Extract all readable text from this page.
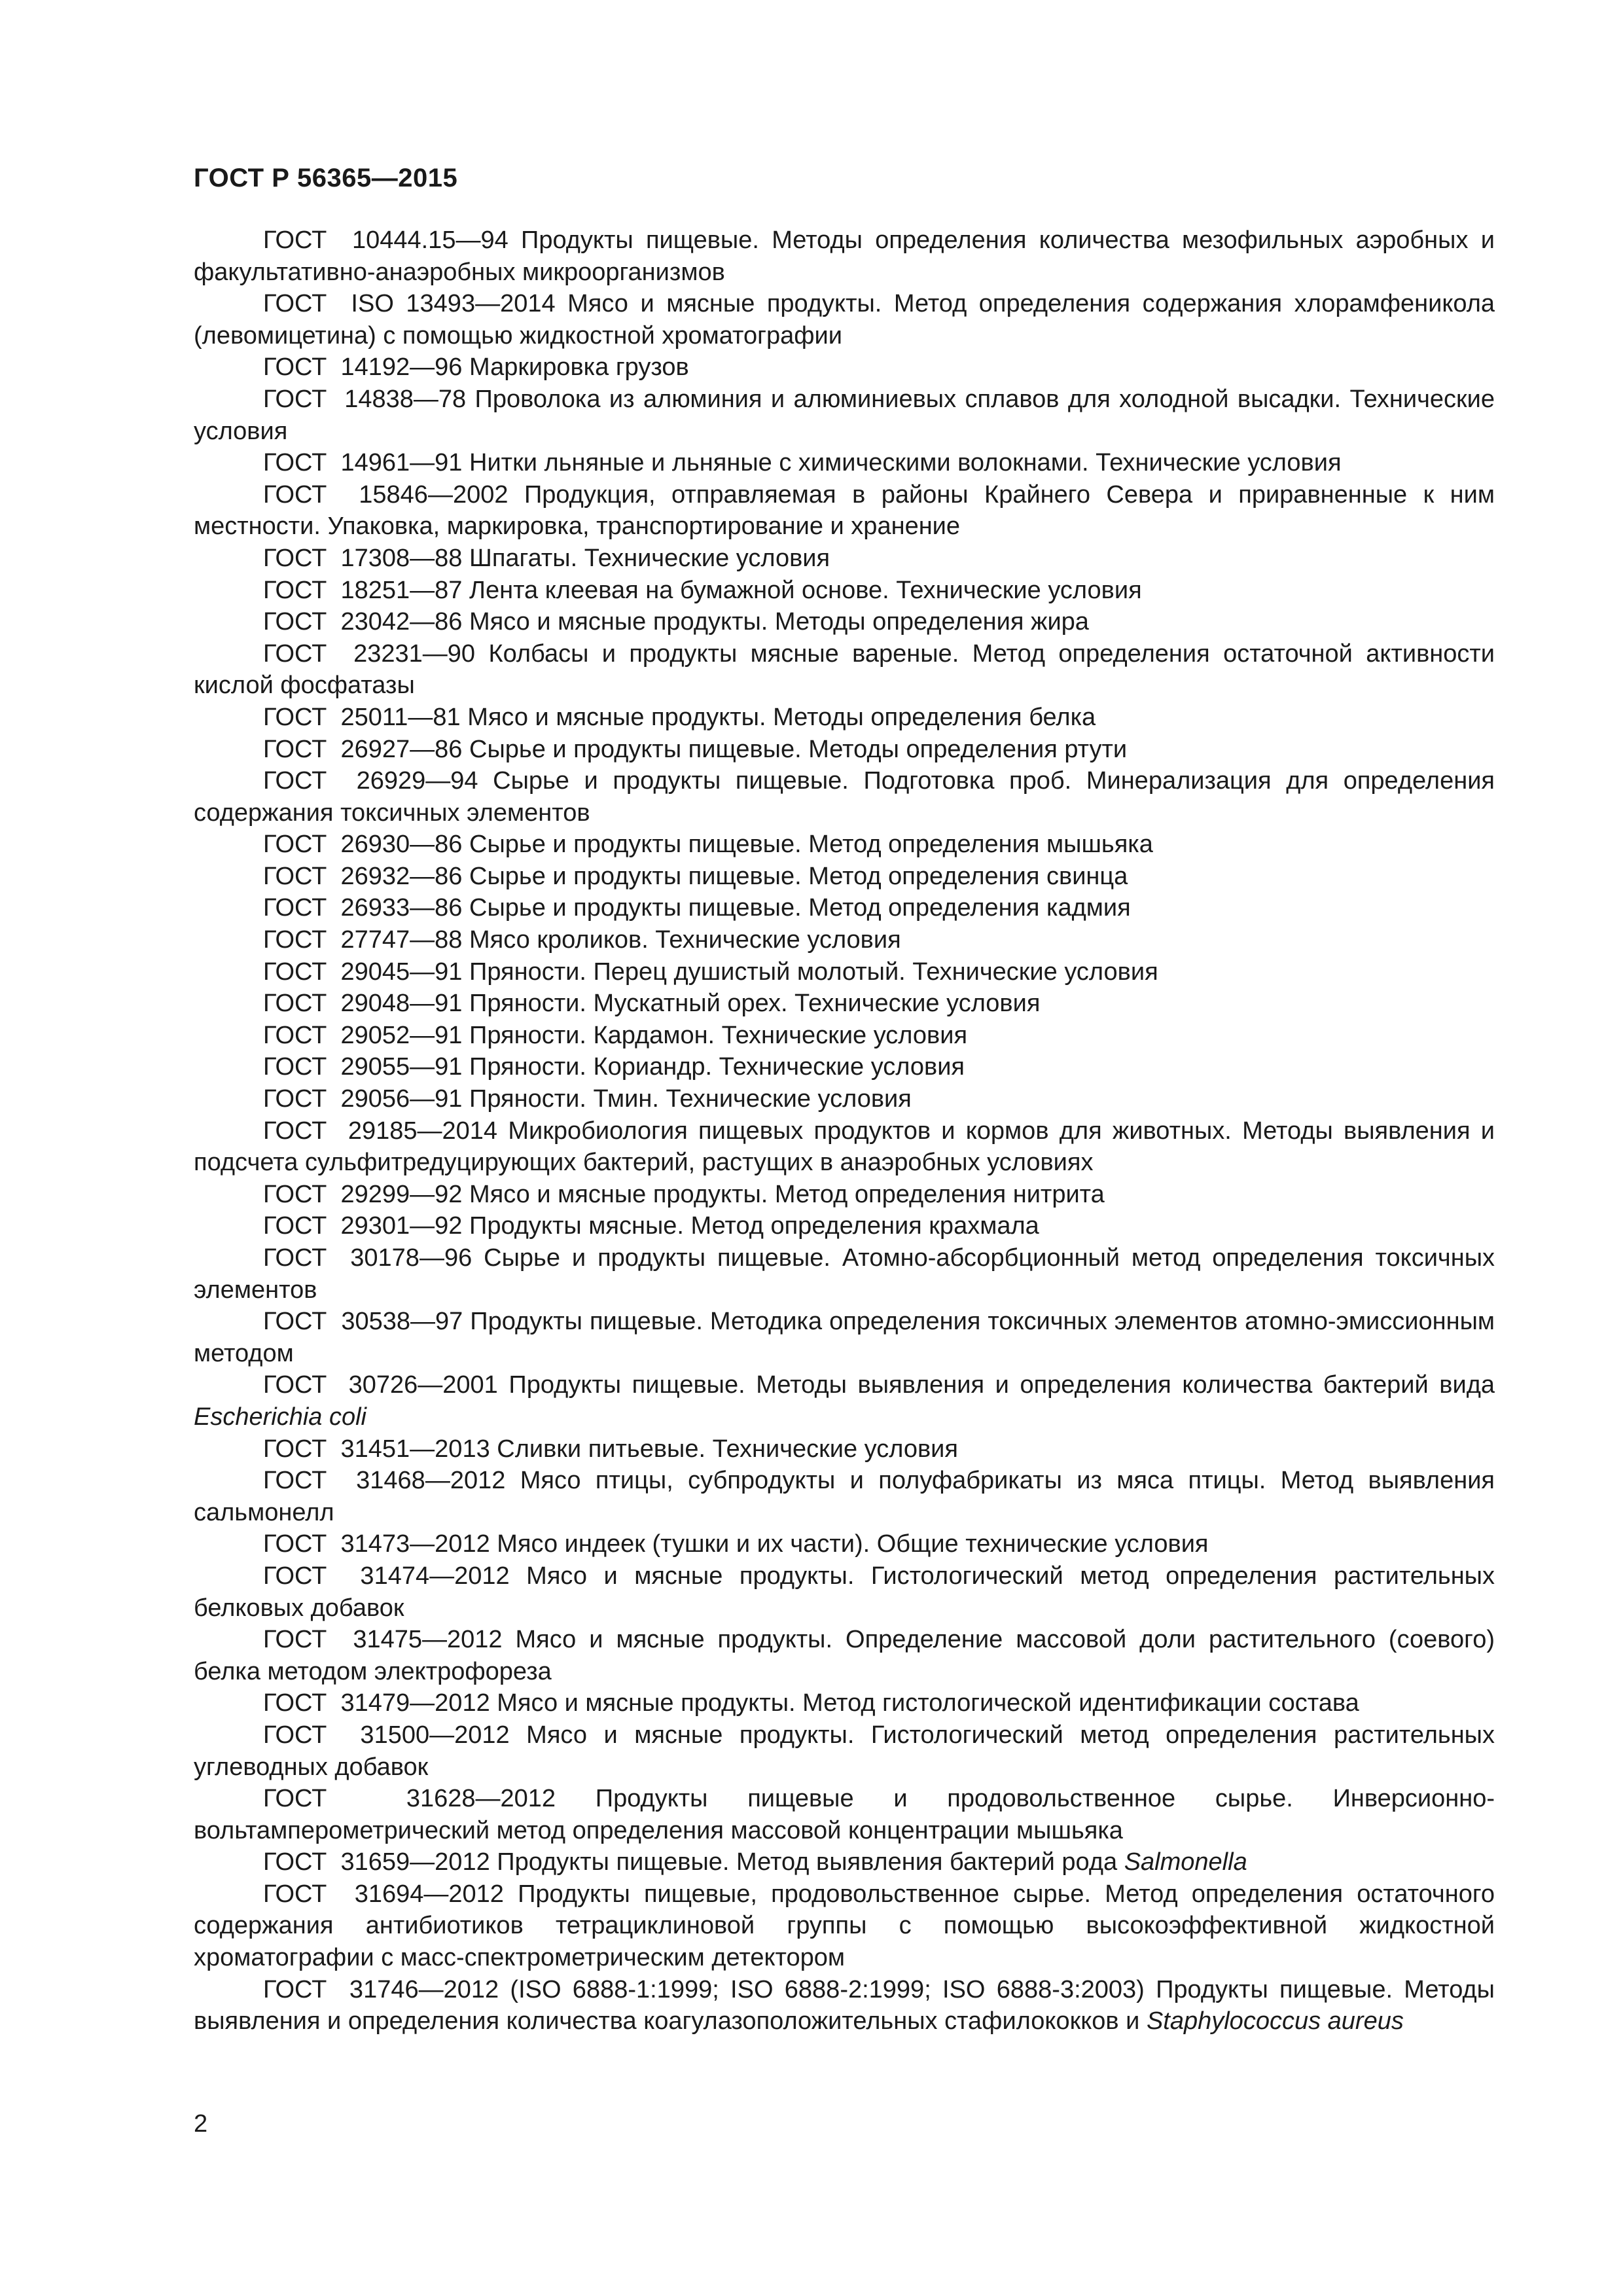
ГОСТ Р 56365—2015

ГОСТ  10444.15—94 Продукты пищевые. Методы определения количества мезофильных аэробных и факультативно-анаэробных микроорганизмов

ГОСТ  ISO 13493—2014 Мясо и мясные продукты. Метод определения содержания хлорамфеникола (левомицетина) с помощью жидкостной хроматографии

ГОСТ  14192—96 Маркировка грузов

ГОСТ  14838—78 Проволока из алюминия и алюминиевых сплавов для холодной высадки. Технические условия

ГОСТ  14961—91 Нитки льняные и льняные с химическими волокнами. Технические условия

ГОСТ  15846—2002 Продукция, отправляемая в районы Крайнего Севера и приравненные к ним местности. Упаковка, маркировка, транспортирование и хранение

ГОСТ  17308—88 Шпагаты. Технические условия

ГОСТ  18251—87 Лента клеевая на бумажной основе. Технические условия

ГОСТ  23042—86 Мясо и мясные продукты. Методы определения жира

ГОСТ  23231—90 Колбасы и продукты мясные вареные. Метод определения остаточной активности кислой фосфатазы

ГОСТ  25011—81 Мясо и мясные продукты. Методы определения белка

ГОСТ  26927—86 Сырье и продукты пищевые. Методы определения ртути

ГОСТ  26929—94 Сырье и продукты пищевые. Подготовка проб. Минерализация для определения содержания токсичных элементов

ГОСТ  26930—86 Сырье и продукты пищевые. Метод определения мышьяка

ГОСТ  26932—86 Сырье и продукты пищевые. Метод определения свинца

ГОСТ  26933—86 Сырье и продукты пищевые. Метод определения кадмия

ГОСТ  27747—88 Мясо кроликов. Технические условия

ГОСТ  29045—91 Пряности. Перец душистый молотый. Технические условия

ГОСТ  29048—91 Пряности. Мускатный орех. Технические условия

ГОСТ  29052—91 Пряности. Кардамон. Технические условия

ГОСТ  29055—91 Пряности. Кориандр. Технические условия

ГОСТ  29056—91 Пряности. Тмин. Технические условия

ГОСТ  29185—2014 Микробиология пищевых продуктов и кормов для животных. Методы выявления и подсчета сульфитредуцирующих бактерий, растущих в анаэробных условиях

ГОСТ  29299—92 Мясо и мясные продукты. Метод определения нитрита

ГОСТ  29301—92 Продукты мясные. Метод определения крахмала

ГОСТ  30178—96 Сырье и продукты пищевые. Атомно-абсорбционный метод определения токсичных элементов

ГОСТ  30538—97 Продукты пищевые. Методика определения токсичных элементов атомно-эмиссионным методом

ГОСТ  30726—2001 Продукты пищевые. Методы выявления и определения количества бактерий вида Escherichia coli

ГОСТ  31451—2013 Сливки питьевые. Технические условия

ГОСТ  31468—2012 Мясо птицы, субпродукты и полуфабрикаты из мяса птицы. Метод выявления сальмонелл

ГОСТ  31473—2012 Мясо индеек (тушки и их части). Общие технические условия

ГОСТ  31474—2012 Мясо и мясные продукты. Гистологический метод определения растительных белковых добавок

ГОСТ  31475—2012 Мясо и мясные продукты. Определение массовой доли растительного (соевого) белка методом электрофореза

ГОСТ  31479—2012 Мясо и мясные продукты. Метод гистологической идентификации состава

ГОСТ  31500—2012 Мясо и мясные продукты. Гистологический метод определения растительных углеводных добавок

ГОСТ  31628—2012 Продукты пищевые и продовольственное сырье. Инверсионно-вольтамперометрический метод определения массовой концентрации мышьяка

ГОСТ  31659—2012 Продукты пищевые. Метод выявления бактерий рода Salmonella

ГОСТ  31694—2012 Продукты пищевые, продовольственное сырье. Метод определения остаточного содержания антибиотиков тетрациклиновой группы с помощью высокоэффективной жидкостной хроматографии с масс-спектрометрическим детектором

ГОСТ  31746—2012 (ISO 6888-1:1999; ISO 6888-2:1999; ISO 6888-3:2003) Продукты пищевые. Методы выявления и определения количества коагулазоположительных стафилококков и Staphylococcus aureus

2
